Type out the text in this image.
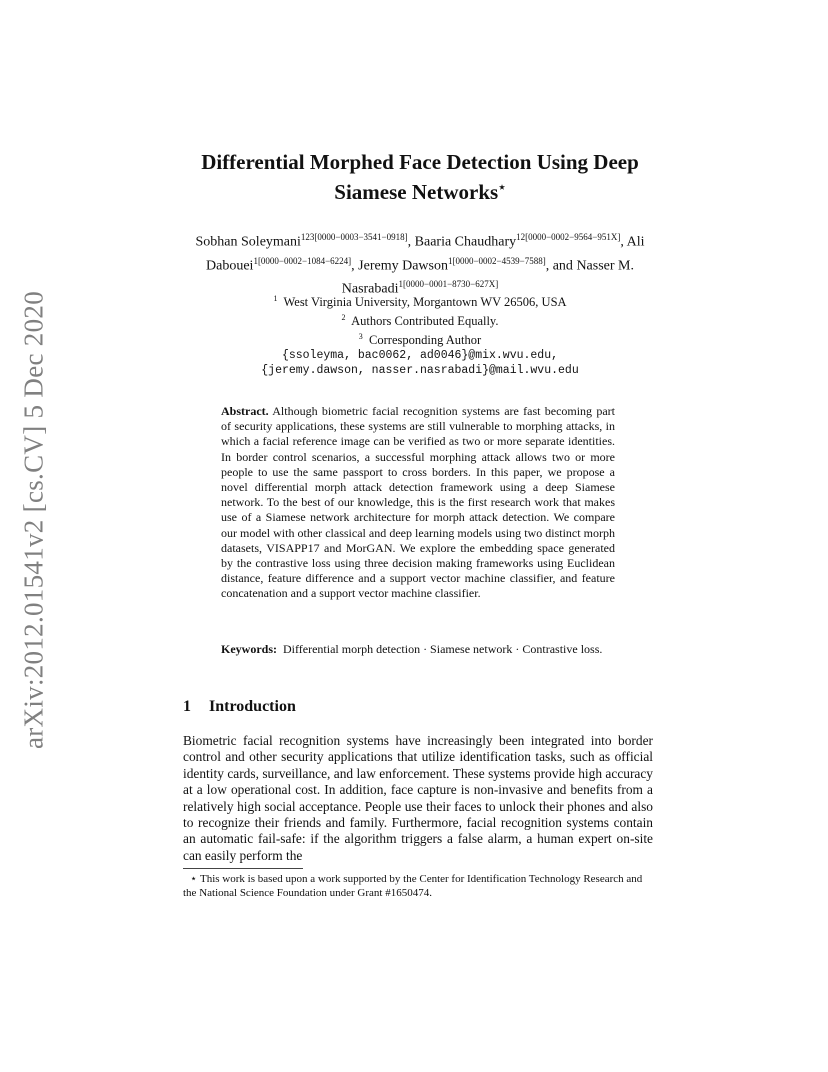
arXiv:2012.01541v2 [cs.CV] 5 Dec 2020
Differential Morphed Face Detection Using Deep
Siamese Networks⋆
Sobhan Soleymani$^{123[0000-0003-3541-0918]}$, Baaria Chaudhary$^{12[0000-0002-9564-951X]}$, Ali Dabouei$^{1[0000-0002-1084-6224]}$, Jeremy Dawson$^{1[0000-0002-4539-7588]}$, and Nasser M. Nasrabadi$^{1[0000-0001-8730-627X]}$
$^1$ West Virginia University, Morgantown WV 26506, USA
$^2$ Authors Contributed Equally.
$^3$ Corresponding Author
{ssoleyma, bac0062, ad0046}@mix.wvu.edu,
{jeremy.dawson, nasser.nasrabadi}@mail.wvu.edu
Abstract. Although biometric facial recognition systems are fast becoming part of security applications, these systems are still vulnerable to morphing attacks, in which a facial reference image can be verified as two or more separate identities. In border control scenarios, a successful morphing attack allows two or more people to use the same passport to cross borders. In this paper, we propose a novel differential morph attack detection framework using a deep Siamese network. To the best of our knowledge, this is the first research work that makes use of a Siamese network architecture for morph attack detection. We compare our model with other classical and deep learning models using two distinct morph datasets, VISAPP17 and MorGAN. We explore the embedding space generated by the contrastive loss using three decision making frameworks using Euclidean distance, feature difference and a support vector machine classifier, and feature concatenation and a support vector machine classifier.
Keywords: Differential morph detection · Siamese network · Contrastive loss.
1 Introduction
Biometric facial recognition systems have increasingly been integrated into border control and other security applications that utilize identification tasks, such as official identity cards, surveillance, and law enforcement. These systems provide high accuracy at a low operational cost. In addition, face capture is non-invasive and benefits from a relatively high social acceptance. People use their faces to unlock their phones and also to recognize their friends and family. Furthermore, facial recognition systems contain an automatic fail-safe: if the algorithm triggers a false alarm, a human expert on-site can easily perform the
⋆ This work is based upon a work supported by the Center for Identification Technology Research and the National Science Foundation under Grant #1650474.
